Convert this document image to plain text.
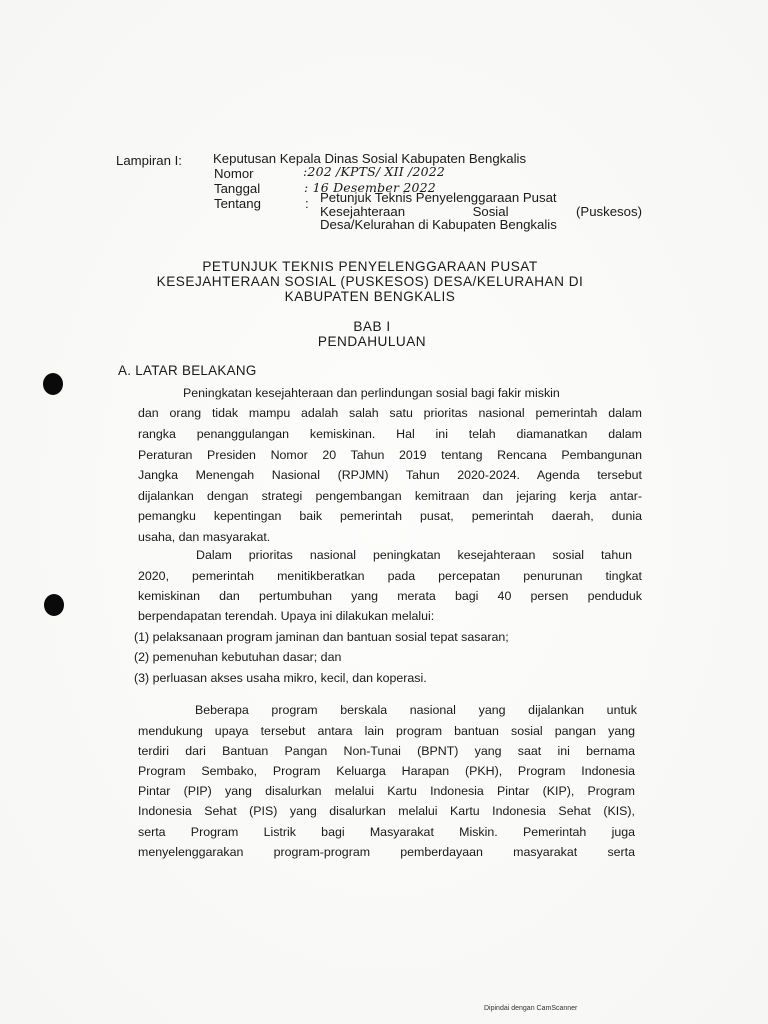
Lampiran I: Keputusan Kepala Dinas Sosial Kabupaten Bengkalis
Nomor	:202 /KPTS/ XII /2022
Tanggal	: 16 Desember 2022
Tentang	: Petunjuk Teknis Penyelenggaraan Pusat
Kesejahteraan	Sosial	(Puskesos)
Desa/Kelurahan di Kabupaten Bengkalis
PETUNJUK TEKNIS PENYELENGGARAAN PUSAT
KESEJAHTERAAN SOSIAL (PUSKESOS) DESA/KELURAHAN DI
KABUPATEN BENGKALIS
BAB I
PENDAHULUAN
A. LATAR BELAKANG
Peningkatan kesejahteraan dan perlindungan sosial bagi fakir miskin
dan orang tidak mampu adalah salah satu prioritas nasional pemerintah dalam
rangka penanggulangan kemiskinan. Hal ini telah diamanatkan dalam
Peraturan Presiden Nomor 20 Tahun 2019 tentang Rencana Pembangunan
Jangka Menengah Nasional (RPJMN) Tahun 2020-2024. Agenda tersebut
dijalankan dengan strategi pengembangan kemitraan dan jejaring kerja antar-
pemangku kepentingan baik pemerintah pusat, pemerintah daerah, dunia
usaha, dan masyarakat.
Dalam prioritas nasional peningkatan kesejahteraan sosial tahun
2020, pemerintah menitikberatkan pada percepatan penurunan tingkat
kemiskinan dan pertumbuhan yang merata bagi 40 persen penduduk
berpendapatan terendah. Upaya ini dilakukan melalui:
(1) pelaksanaan program jaminan dan bantuan sosial tepat sasaran;
(2) pemenuhan kebutuhan dasar; dan
(3) perluasan akses usaha mikro, kecil, dan koperasi.
Beberapa program berskala nasional yang dijalankan untuk
mendukung upaya tersebut antara lain program bantuan sosial pangan yang
terdiri dari Bantuan Pangan Non-Tunai (BPNT) yang saat ini bernama
Program Sembako, Program Keluarga Harapan (PKH), Program Indonesia
Pintar (PIP) yang disalurkan melalui Kartu Indonesia Pintar (KIP), Program
Indonesia Sehat (PIS) yang disalurkan melalui Kartu Indonesia Sehat (KIS),
serta Program Listrik bagi Masyarakat Miskin. Pemerintah juga
menyelenggarakan program-program pemberdayaan masyarakat serta
Dipindai dengan CamScanner
